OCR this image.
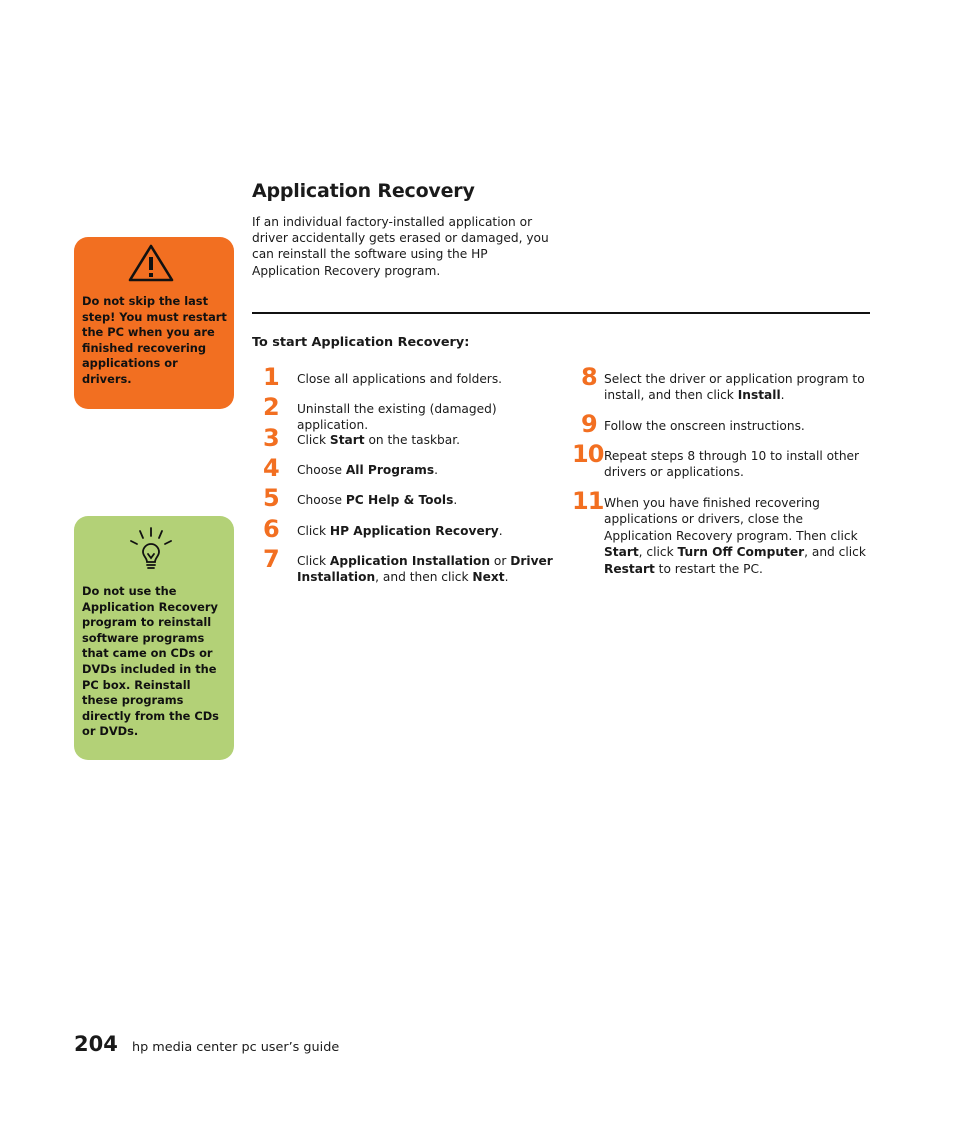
Do not skip the last step! You must restart the PC when you are finished recovering applications or drivers.

Do not use the Application Recovery program to reinstall software programs that came on CDs or DVDs included in the PC box. Reinstall these programs directly from the CDs or DVDs.

Application Recovery

If an individual factory-installed application or driver accidentally gets erased or damaged, you can reinstall the software using the HP Application Recovery program.

To start Application Recovery:

1 Close all applications and folders.
2 Uninstall the existing (damaged) application.
3 Click Start on the taskbar.
4 Choose All Programs.
5 Choose PC Help & Tools.
6 Click HP Application Recovery.
7 Click Application Installation or Driver Installation, and then click Next.
8 Select the driver or application program to install, and then click Install.
9 Follow the onscreen instructions.
10 Repeat steps 8 through 10 to install other drivers or applications.
11 When you have finished recovering applications or drivers, close the Application Recovery program. Then click Start, click Turn Off Computer, and click Restart to restart the PC.
204 hp media center pc user’s guide
